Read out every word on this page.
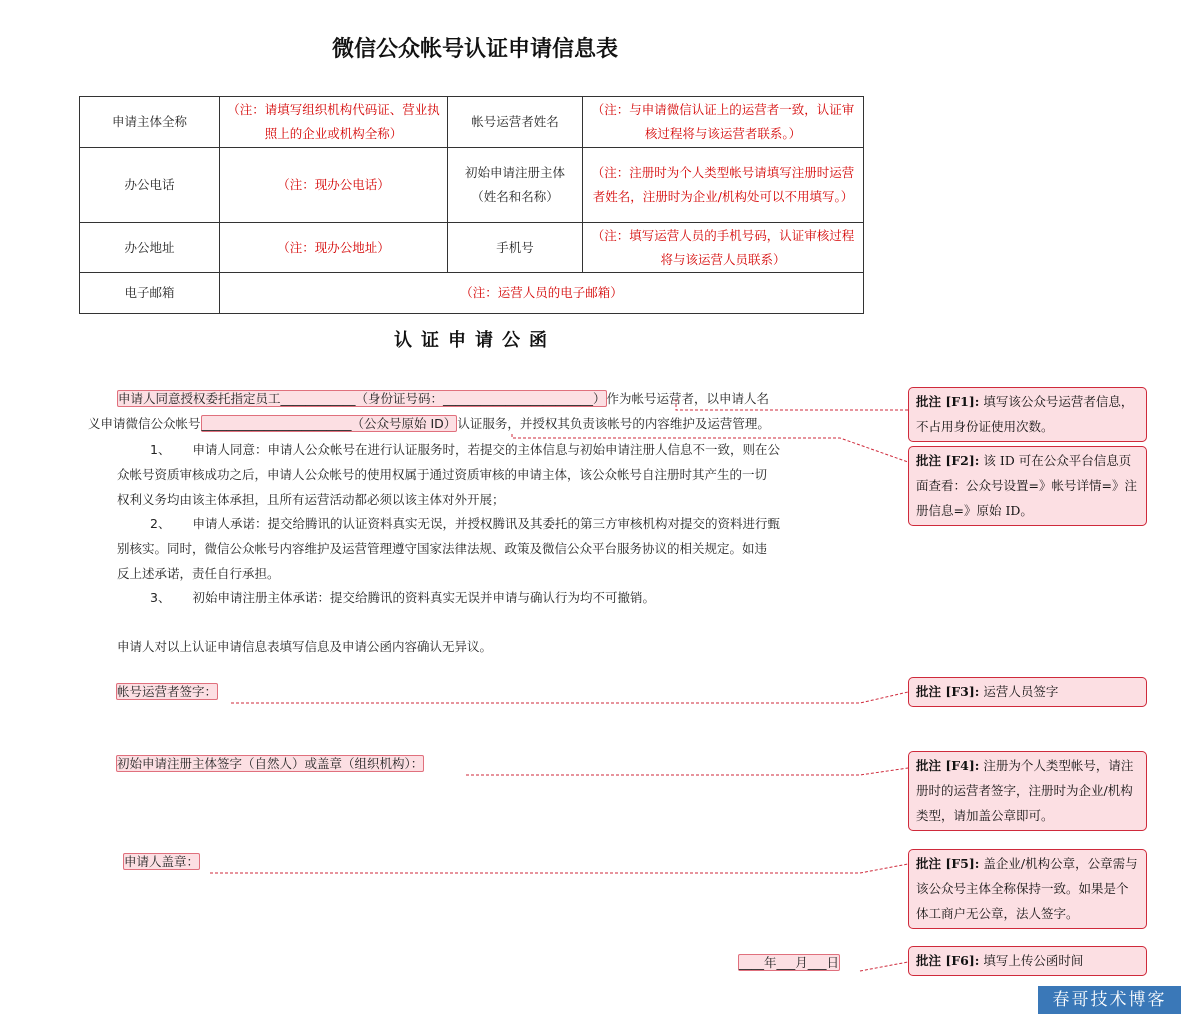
微信公众帐号认证申请信息表
申请主体全称	（注：请填写组织机构代码证、营业执照上的企业或机构全称）	帐号运营者姓名	（注：与申请微信认证上的运营者一致，认证审核过程将与该运营者联系。）
办公电话	（注：现办公电话）	初始申请注册主体（姓名和名称）	（注：注册时为个人类型帐号请填写注册时运营者姓名，注册时为企业/机构处可以不用填写。）
办公地址	（注：现办公地址）	手机号	（注：填写运营人员的手机号码，认证审核过程将与该运营人员联系）
电子邮箱	（注：运营人员的电子邮箱）		
认证申请公函
申请人同意授权委托指定员工____________（身份证号码：________________________）作为帐号运营者，以申请人名
义申请微信公众帐号________________________（公众号原始 ID）认证服务，并授权其负责该帐号的内容维护及运营管理。
1、 申请人同意：申请人公众帐号在进行认证服务时，若提交的主体信息与初始申请注册人信息不一致，则在公
众帐号资质审核成功之后，申请人公众帐号的使用权属于通过资质审核的申请主体，该公众帐号自注册时其产生的一切
权利义务均由该主体承担，且所有运营活动都必须以该主体对外开展；
2、 申请人承诺：提交给腾讯的认证资料真实无误，并授权腾讯及其委托的第三方审核机构对提交的资料进行甄
别核实。同时，微信公众帐号内容维护及运营管理遵守国家法律法规、政策及微信公众平台服务协议的相关规定。如违
反上述承诺，责任自行承担。
3、 初始申请注册主体承诺：提交给腾讯的资料真实无误并申请与确认行为均不可撤销。
申请人对以上认证申请信息表填写信息及申请公函内容确认无异议。
帐号运营者签字：
初始申请注册主体签字（自然人）或盖章（组织机构）：
申请人盖章：
____年___月___日
批注 [F1]: 填写该公众号运营者信息，不占用身份证使用次数。
批注 [F2]: 该 ID 可在公众平台信息页面查看：公众号设置=》帐号详情=》注册信息=》原始 ID。
批注 [F3]: 运营人员签字
批注 [F4]: 注册为个人类型帐号，请注册时的运营者签字，注册时为企业/机构类型，请加盖公章即可。
批注 [F5]: 盖企业/机构公章，公章需与该公众号主体全称保持一致。如果是个体工商户无公章，法人签字。
批注 [F6]: 填写上传公函时间
春哥技术博客
